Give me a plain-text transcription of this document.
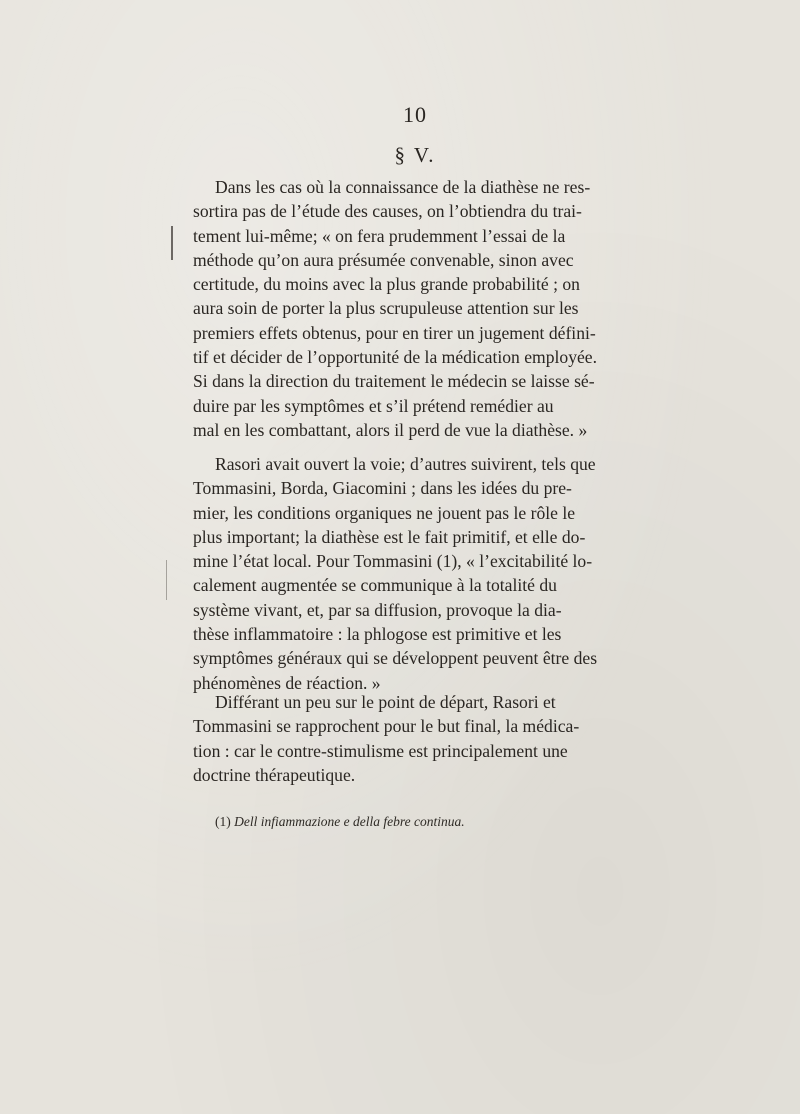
10
§ V.

Dans les cas où la connaissance de la diathèse ne res-
sortira pas de l’étude des causes, on l’obtiendra du trai-
tement lui-même; « on fera prudemment l’essai de la
méthode qu’on aura présumée convenable, sinon avec
certitude, du moins avec la plus grande probabilité ; on
aura soin de porter la plus scrupuleuse attention sur les
premiers effets obtenus, pour en tirer un jugement défini-
tif et décider de l’opportunité de la médication employée.
Si dans la direction du traitement le médecin se laisse sé-
duire par les symptômes et s’il prétend remédier au
mal en les combattant, alors il perd de vue la diathèse. »

Rasori avait ouvert la voie; d’autres suivirent, tels que
Tommasini, Borda, Giacomini ; dans les idées du pre-
mier, les conditions organiques ne jouent pas le rôle le
plus important; la diathèse est le fait primitif, et elle do-
mine l’état local. Pour Tommasini (1), « l’excitabilité lo-
calement augmentée se communique à la totalité du
système vivant, et, par sa diffusion, provoque la dia-
thèse inflammatoire : la phlogose est primitive et les
symptômes généraux qui se développent peuvent être des
phénomènes de réaction. »

Différant un peu sur le point de départ, Rasori et
Tommasini se rapprochent pour le but final, la médica-
tion : car le contre-stimulisme est principalement une
doctrine thérapeutique.

(1) Dell infiammazione e della febre continua.
